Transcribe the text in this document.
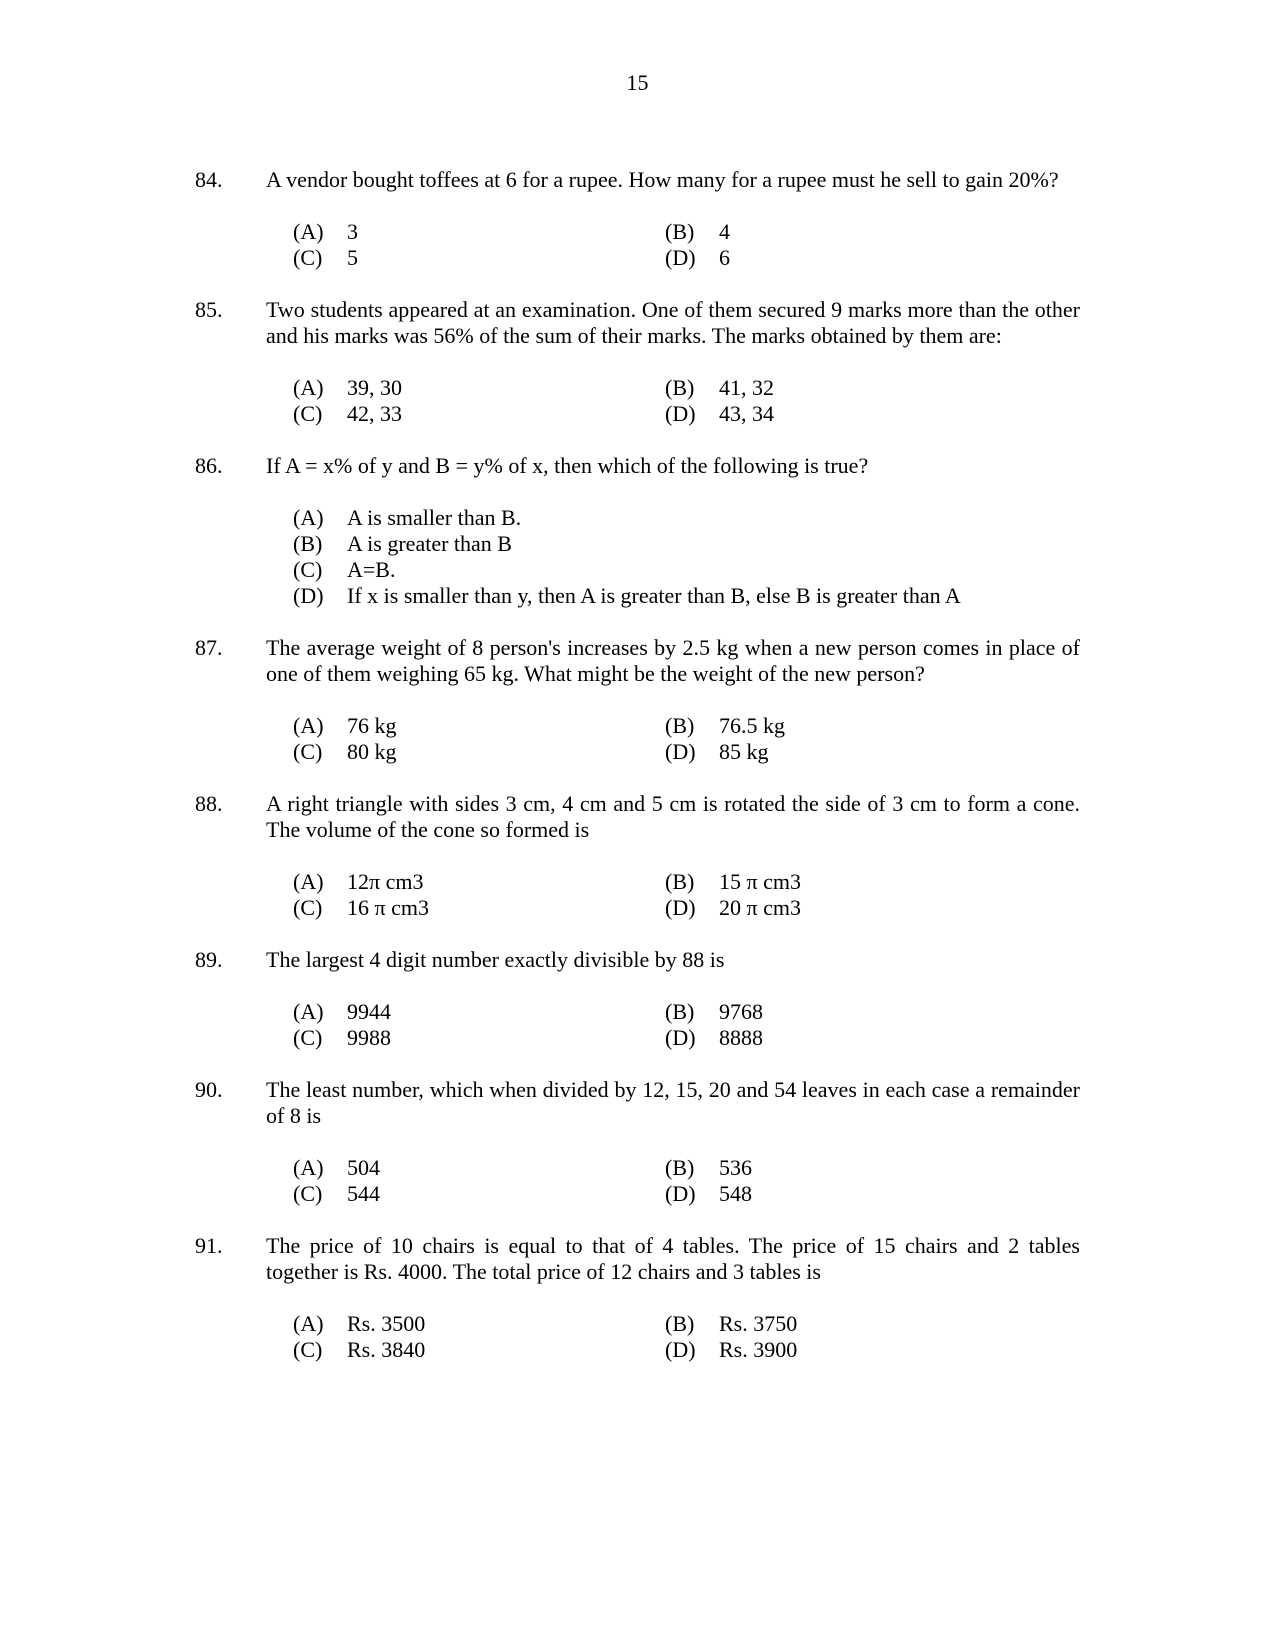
15
84.	A vendor bought toffees at 6 for a rupee. How many for a rupee must he sell to gain 20%?
(A)	3	(B)	4
(C)	5	(D)	6
85.	Two students appeared at an examination. One of them secured 9 marks more than the other and his marks was 56% of the sum of their marks. The marks obtained by them are:
(A)	39, 30	(B)	41, 32
(C)	42, 33	(D)	43, 34
86.	If A = x% of y and B = y% of x, then which of the following is true?
(A)	A is smaller than B.
(B)	A is greater than B
(C)	A=B.
(D)	If x is smaller than y, then A is greater than B, else B is greater than A
87.	The average weight of 8 person's increases by 2.5 kg when a new person comes in place of one of them weighing 65 kg. What might be the weight of the new person?
(A)	76 kg	(B)	76.5 kg
(C)	80 kg	(D)	85 kg
88.	A right triangle with sides 3 cm, 4 cm and 5 cm is rotated the side of 3 cm to form a cone. The volume of the cone so formed is
(A)	12π cm3	(B)	15 π cm3
(C)	16 π cm3	(D)	20 π cm3
89.	The largest 4 digit number exactly divisible by 88 is
(A)	9944	(B)	9768
(C)	9988	(D)	8888
90.	The least number, which when divided by 12, 15, 20 and 54 leaves in each case a remainder of 8 is
(A)	504	(B)	536
(C)	544	(D)	548
91.	The price of 10 chairs is equal to that of 4 tables. The price of 15 chairs and 2 tables together is Rs. 4000. The total price of 12 chairs and 3 tables is
(A)	Rs. 3500	(B)	Rs. 3750
(C)	Rs. 3840	(D)	Rs. 3900
